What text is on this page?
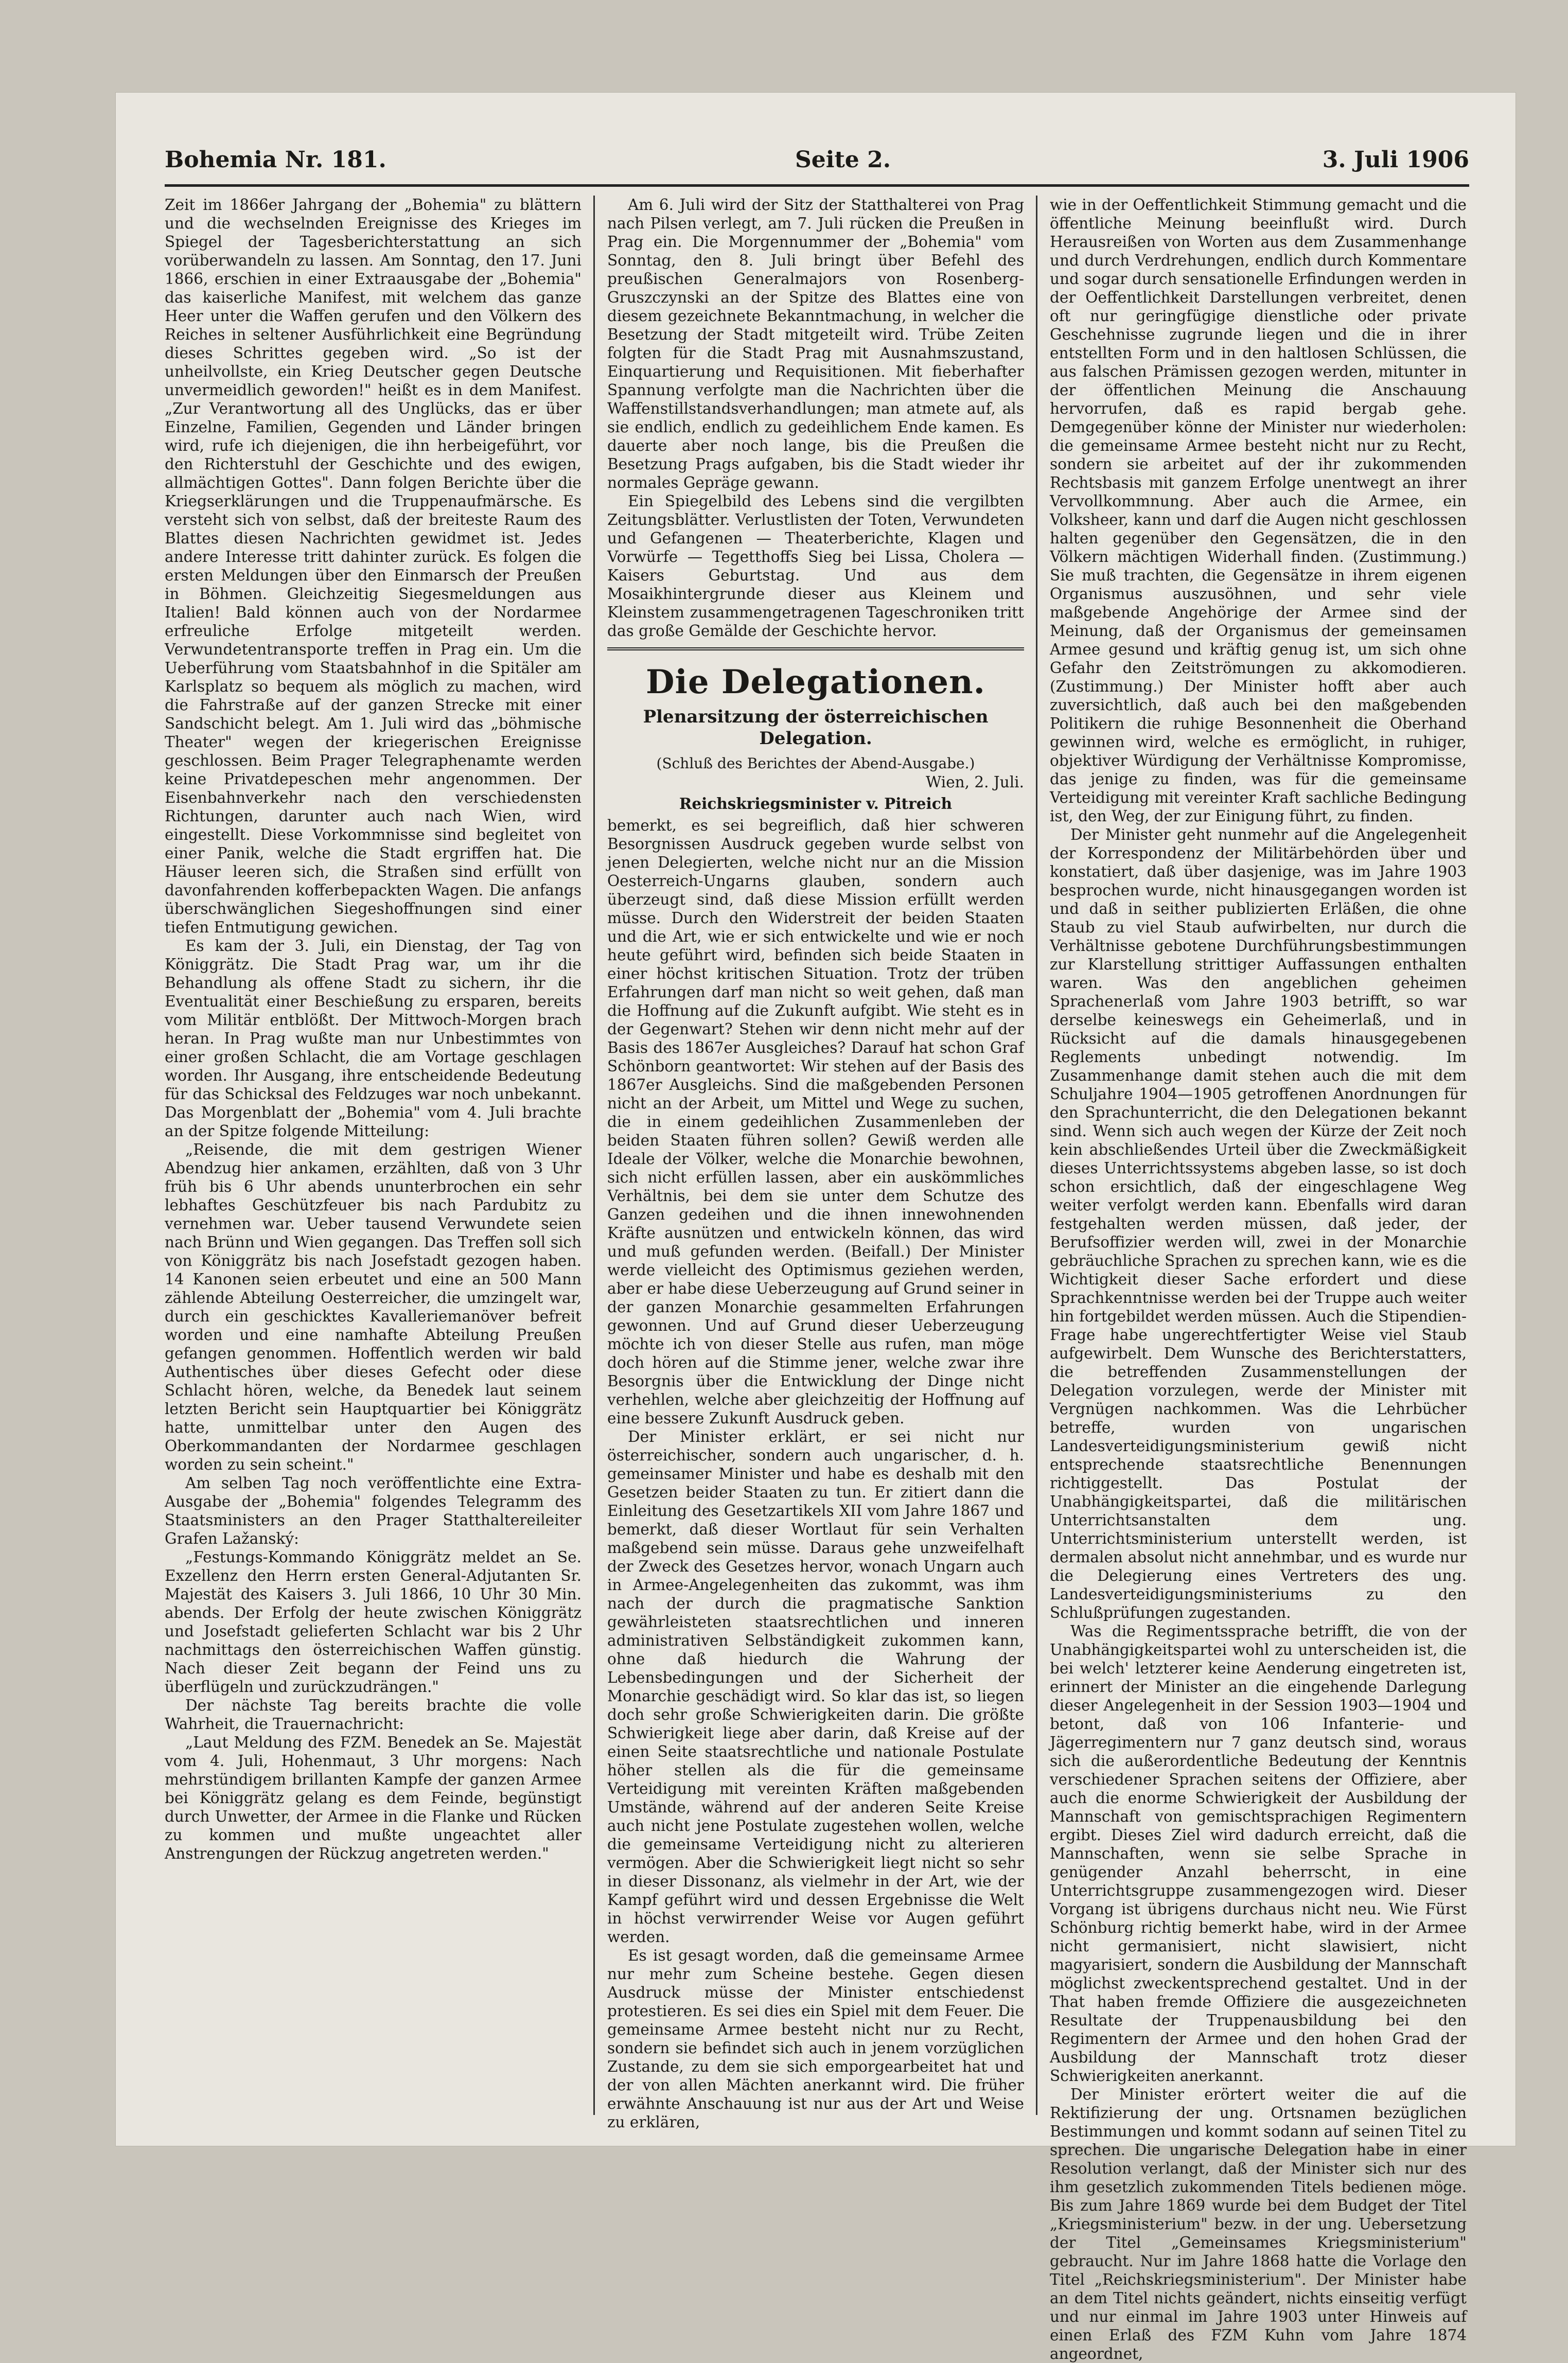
Bohemia Nr. 181.	Seite 2.	3. Juli 1906

Zeit im 1866er Jahrgang der „Bohemia" zu blättern und die wechselnden Ereignisse des Krieges im Spiegel der Tagesberichterstattung an sich vorüberwandeln zu lassen. Am Sonntag, den 17. Juni 1866, erschien in einer Extraausgabe der „Bohemia" das kaiserliche Manifest, mit welchem das ganze Heer unter die Waffen gerufen und den Völkern des Reiches in seltener Ausführlichkeit eine Begründung dieses Schrittes gegeben wird. „So ist der unheilvollste, ein Krieg Deutscher gegen Deutsche unvermeidlich geworden!" heißt es in dem Manifest. „Zur Verantwortung all des Unglücks, das er über Einzelne, Familien, Gegenden und Länder bringen wird, rufe ich diejenigen, die ihn herbeigeführt, vor den Richterstuhl der Geschichte und des ewigen, allmächtigen Gottes". Dann folgen Berichte über die Kriegserklärungen und die Truppenaufmärsche. Es versteht sich von selbst, daß der breiteste Raum des Blattes diesen Nachrichten gewidmet ist. Jedes andere Interesse tritt dahinter zurück. Es folgen die ersten Meldungen über den Einmarsch der Preußen in Böhmen. Gleichzeitig Siegesmeldungen aus Italien! Bald können auch von der Nordarmee erfreuliche Erfolge mitgeteilt werden. Verwundetentransporte treffen in Prag ein. Um die Ueberführung vom Staatsbahnhof in die Spitäler am Karlsplatz so bequem als möglich zu machen, wird die Fahrstraße auf der ganzen Strecke mit einer Sandschicht belegt. Am 1. Juli wird das „böhmische Theater" wegen der kriegerischen Ereignisse geschlossen. Beim Prager Telegraphenamte werden keine Privatdepeschen mehr angenommen. Der Eisenbahnverkehr nach den verschiedensten Richtungen, darunter auch nach Wien, wird eingestellt. Diese Vorkommnisse sind begleitet von einer Panik, welche die Stadt ergriffen hat. Die Häuser leeren sich, die Straßen sind erfüllt von davonfahrenden kofferbepackten Wagen. Die anfangs überschwänglichen Siegeshoffnungen sind einer tiefen Entmutigung gewichen.

Es kam der 3. Juli, ein Dienstag, der Tag von Königgrätz. Die Stadt Prag war, um ihr die Behandlung als offene Stadt zu sichern, ihr die Eventualität einer Beschießung zu ersparen, bereits vom Militär entblößt. Der Mittwoch-Morgen brach heran. In Prag wußte man nur Unbestimmtes von einer großen Schlacht, die am Vortage geschlagen worden. Ihr Ausgang, ihre entscheidende Bedeutung für das Schicksal des Feldzuges war noch unbekannt. Das Morgenblatt der „Bohemia" vom 4. Juli brachte an der Spitze folgende Mitteilung:

„Reisende, die mit dem gestrigen Wiener Abendzug hier ankamen, erzählten, daß von 3 Uhr früh bis 6 Uhr abends ununterbrochen ein sehr lebhaftes Geschützfeuer bis nach Pardubitz zu vernehmen war. Ueber tausend Verwundete seien nach Brünn und Wien gegangen. Das Treffen soll sich von Königgrätz bis nach Josefstadt gezogen haben. 14 Kanonen seien erbeutet und eine an 500 Mann zählende Abteilung Oesterreicher, die umzingelt war, durch ein geschicktes Kavalleriemanöver befreit worden und eine namhafte Abteilung Preußen gefangen genommen. Hoffentlich werden wir bald Authentisches über dieses Gefecht oder diese Schlacht hören, welche, da Benedek laut seinem letzten Bericht sein Hauptquartier bei Königgrätz hatte, unmittelbar unter den Augen des Oberkommandanten der Nordarmee geschlagen worden zu sein scheint."

Am selben Tag noch veröffentlichte eine Extra-Ausgabe der „Bohemia" folgendes Telegramm des Staatsministers an den Prager Statthaltereileiter Grafen Lažanský:

„Festungs-Kommando Königgrätz meldet an Se. Exzellenz den Herrn ersten General-Adjutanten Sr. Majestät des Kaisers 3. Juli 1866, 10 Uhr 30 Min. abends. Der Erfolg der heute zwischen Königgrätz und Josefstadt gelieferten Schlacht war bis 2 Uhr nachmittags den österreichischen Waffen günstig. Nach dieser Zeit begann der Feind uns zu überflügeln und zurückzudrängen."

Der nächste Tag bereits brachte die volle Wahrheit, die Trauernachricht:

„Laut Meldung des FZM. Benedek an Se. Majestät vom 4. Juli, Hohenmaut, 3 Uhr morgens: Nach mehrstündigem brillanten Kampfe der ganzen Armee bei Königgrätz gelang es dem Feinde, begünstigt durch Unwetter, der Armee in die Flanke und Rücken zu kommen und mußte ungeachtet aller Anstrengungen der Rückzug angetreten werden."

Am 6. Juli wird der Sitz der Statthalterei von Prag nach Pilsen verlegt, am 7. Juli rücken die Preußen in Prag ein. Die Morgennummer der „Bohemia" vom Sonntag, den 8. Juli bringt über Befehl des preußischen Generalmajors von Rosenberg-Gruszczynski an der Spitze des Blattes eine von diesem gezeichnete Bekanntmachung, in welcher die Besetzung der Stadt mitgeteilt wird. Trübe Zeiten folgten für die Stadt Prag mit Ausnahmszustand, Einquartierung und Requisitionen. Mit fieberhafter Spannung verfolgte man die Nachrichten über die Waffenstillstandsverhandlungen; man atmete auf, als sie endlich, endlich zu gedeihlichem Ende kamen. Es dauerte aber noch lange, bis die Preußen die Besetzung Prags aufgaben, bis die Stadt wieder ihr normales Gepräge gewann.

Ein Spiegelbild des Lebens sind die vergilbten Zeitungsblätter. Verlustlisten der Toten, Verwundeten und Gefangenen — Theaterberichte, Klagen und Vorwürfe — Tegetthoffs Sieg bei Lissa, Cholera — Kaisers Geburtstag. Und aus dem Mosaikhintergrunde dieser aus Kleinem und Kleinstem zusammengetragenen Tageschroniken tritt das große Gemälde der Geschichte hervor.

Die Delegationen.
Plenarsitzung der österreichischen Delegation.
(Schluß des Berichtes der Abend-Ausgabe.)

Wien, 2. Juli.

Reichskriegsminister v. Pitreich

bemerkt, es sei begreiflich, daß hier schweren Besorgnissen Ausdruck gegeben wurde selbst von jenen Delegierten, welche nicht nur an die Mission Oesterreich-Ungarns glauben, sondern auch überzeugt sind, daß diese Mission erfüllt werden müsse. Durch den Widerstreit der beiden Staaten und die Art, wie er sich entwickelte und wie er noch heute geführt wird, befinden sich beide Staaten in einer höchst kritischen Situation. Trotz der trüben Erfahrungen darf man nicht so weit gehen, daß man die Hoffnung auf die Zukunft aufgibt. Wie steht es in der Gegenwart? Stehen wir denn nicht mehr auf der Basis des 1867er Ausgleiches? Darauf hat schon Graf Schönborn geantwortet: Wir stehen auf der Basis des 1867er Ausgleichs. Sind die maßgebenden Personen nicht an der Arbeit, um Mittel und Wege zu suchen, die in einem gedeihlichen Zusammenleben der beiden Staaten führen sollen? Gewiß werden alle Ideale der Völker, welche die Monarchie bewohnen, sich nicht erfüllen lassen, aber ein auskömmliches Verhältnis, bei dem sie unter dem Schutze des Ganzen gedeihen und die ihnen innewohnenden Kräfte ausnützen und entwickeln können, das wird und muß gefunden werden. (Beifall.) Der Minister werde vielleicht des Optimismus geziehen werden, aber er habe diese Ueberzeugung auf Grund seiner in der ganzen Monarchie gesammelten Erfahrungen gewonnen. Und auf Grund dieser Ueberzeugung möchte ich von dieser Stelle aus rufen, man möge doch hören auf die Stimme jener, welche zwar ihre Besorgnis über die Entwicklung der Dinge nicht verhehlen, welche aber gleichzeitig der Hoffnung auf eine bessere Zukunft Ausdruck geben.

Der Minister erklärt, er sei nicht nur österreichischer, sondern auch ungarischer, d. h. gemeinsamer Minister und habe es deshalb mit den Gesetzen beider Staaten zu tun. Er zitiert dann die Einleitung des Gesetzartikels XII vom Jahre 1867 und bemerkt, daß dieser Wortlaut für sein Verhalten maßgebend sein müsse. Daraus gehe unzweifelhaft der Zweck des Gesetzes hervor, wonach Ungarn auch in Armee-Angelegenheiten das zukommt, was ihm nach der durch die pragmatische Sanktion gewährleisteten staatsrechtlichen und inneren administrativen Selbständigkeit zukommen kann, ohne daß hiedurch die Wahrung der Lebensbedingungen und der Sicherheit der Monarchie geschädigt wird. So klar das ist, so liegen doch sehr große Schwierigkeiten darin. Die größte Schwierigkeit liege aber darin, daß Kreise auf der einen Seite staatsrechtliche und nationale Postulate höher stellen als die für die gemeinsame Verteidigung mit vereinten Kräften maßgebenden Umstände, während auf der anderen Seite Kreise auch nicht jene Postulate zugestehen wollen, welche die gemeinsame Verteidigung nicht zu alterieren vermögen. Aber die Schwierigkeit liegt nicht so sehr in dieser Dissonanz, als vielmehr in der Art, wie der Kampf geführt wird und dessen Ergebnisse die Welt in höchst verwirrender Weise vor Augen geführt werden.

Es ist gesagt worden, daß die gemeinsame Armee nur mehr zum Scheine bestehe. Gegen diesen Ausdruck müsse der Minister entschiedenst protestieren. Es sei dies ein Spiel mit dem Feuer. Die gemeinsame Armee besteht nicht nur zu Recht, sondern sie befindet sich auch in jenem vorzüglichen Zustande, zu dem sie sich emporgearbeitet hat und der von allen Mächten anerkannt wird. Die früher erwähnte Anschauung ist nur aus der Art und Weise zu erklären,

wie in der Oeffentlichkeit Stimmung gemacht und die öffentliche Meinung beeinflußt wird. Durch Herausreißen von Worten aus dem Zusammenhange und durch Verdrehungen, endlich durch Kommentare und sogar durch sensationelle Erfindungen werden in der Oeffentlichkeit Darstellungen verbreitet, denen oft nur geringfügige dienstliche oder private Geschehnisse zugrunde liegen und die in ihrer entstellten Form und in den haltlosen Schlüssen, die aus falschen Prämissen gezogen werden, mitunter in der öffentlichen Meinung die Anschauung hervorrufen, daß es rapid bergab gehe. Demgegenüber könne der Minister nur wiederholen: die gemeinsame Armee besteht nicht nur zu Recht, sondern sie arbeitet auf der ihr zukommenden Rechtsbasis mit ganzem Erfolge unentwegt an ihrer Vervollkommnung. Aber auch die Armee, ein Volksheer, kann und darf die Augen nicht geschlossen halten gegenüber den Gegensätzen, die in den Völkern mächtigen Widerhall finden. (Zustimmung.) Sie muß trachten, die Gegensätze in ihrem eigenen Organismus auszusöhnen, und sehr viele maßgebende Angehörige der Armee sind der Meinung, daß der Organismus der gemeinsamen Armee gesund und kräftig genug ist, um sich ohne Gefahr den Zeitströmungen zu akkomodieren. (Zustimmung.) Der Minister hofft aber auch zuversichtlich, daß auch bei den maßgebenden Politikern die ruhige Besonnenheit die Oberhand gewinnen wird, welche es ermöglicht, in ruhiger, objektiver Würdigung der Verhältnisse Kompromisse, das jenige zu finden, was für die gemeinsame Verteidigung mit vereinter Kraft sachliche Bedingung ist, den Weg, der zur Einigung führt, zu finden.

Der Minister geht nunmehr auf die Angelegenheit der Korrespondenz der Militärbehörden über und konstatiert, daß über dasjenige, was im Jahre 1903 besprochen wurde, nicht hinausgegangen worden ist und daß in seither publizierten Erläßen, die ohne Staub zu viel Staub aufwirbelten, nur durch die Verhältnisse gebotene Durchführungsbestimmungen zur Klarstellung strittiger Auffassungen enthalten waren. Was den angeblichen geheimen Sprachenerlaß vom Jahre 1903 betrifft, so war derselbe keineswegs ein Geheimerlaß, und in Rücksicht auf die damals hinausgegebenen Reglements unbedingt notwendig. Im Zusammenhange damit stehen auch die mit dem Schuljahre 1904—1905 getroffenen Anordnungen für den Sprachunterricht, die den Delegationen bekannt sind. Wenn sich auch wegen der Kürze der Zeit noch kein abschließendes Urteil über die Zweckmäßigkeit dieses Unterrichtssystems abgeben lasse, so ist doch schon ersichtlich, daß der eingeschlagene Weg weiter verfolgt werden kann. Ebenfalls wird daran festgehalten werden müssen, daß jeder, der Berufsoffizier werden will, zwei in der Monarchie gebräuchliche Sprachen zu sprechen kann, wie es die Wichtigkeit dieser Sache erfordert und diese Sprachkenntnisse werden bei der Truppe auch weiter hin fortgebildet werden müssen. Auch die Stipendien-Frage habe ungerechtfertigter Weise viel Staub aufgewirbelt. Dem Wunsche des Berichterstatters, die betreffenden Zusammenstellungen der Delegation vorzulegen, werde der Minister mit Vergnügen nachkommen. Was die Lehrbücher betreffe, wurden von ungarischen Landesverteidigungsministerium gewiß nicht entsprechende staatsrechtliche Benennungen richtiggestellt. Das Postulat der Unabhängigkeitspartei, daß die militärischen Unterrichtsanstalten dem ung. Unterrichtsministerium unterstellt werden, ist dermalen absolut nicht annehmbar, und es wurde nur die Delegierung eines Vertreters des ung. Landesverteidigungsministeriums zu den Schlußprüfungen zugestanden.

Was die Regimentssprache betrifft, die von der Unabhängigkeitspartei wohl zu unterscheiden ist, die bei welch' letzterer keine Aenderung eingetreten ist, erinnert der Minister an die eingehende Darlegung dieser Angelegenheit in der Session 1903—1904 und betont, daß von 106 Infanterie- und Jägerregimentern nur 7 ganz deutsch sind, woraus sich die außerordentliche Bedeutung der Kenntnis verschiedener Sprachen seitens der Offiziere, aber auch die enorme Schwierigkeit der Ausbildung der Mannschaft von gemischtsprachigen Regimentern ergibt. Dieses Ziel wird dadurch erreicht, daß die Mannschaften, wenn sie selbe Sprache in genügender Anzahl beherrscht, in eine Unterrichtsgruppe zusammengezogen wird. Dieser Vorgang ist übrigens durchaus nicht neu. Wie Fürst Schönburg richtig bemerkt habe, wird in der Armee nicht germanisiert, nicht slawisiert, nicht magyarisiert, sondern die Ausbildung der Mannschaft möglichst zweckentsprechend gestaltet. Und in der That haben fremde Offiziere die ausgezeichneten Resultate der Truppenausbildung bei den Regimentern der Armee und den hohen Grad der Ausbildung der Mannschaft trotz dieser Schwierigkeiten anerkannt.

Der Minister erörtert weiter die auf die Rektifizierung der ung. Ortsnamen bezüglichen Bestimmungen und kommt sodann auf seinen Titel zu sprechen. Die ungarische Delegation habe in einer Resolution verlangt, daß der Minister sich nur des ihm gesetzlich zukommenden Titels bedienen möge. Bis zum Jahre 1869 wurde bei dem Budget der Titel „Kriegsministerium" bezw. in der ung. Uebersetzung der Titel „Gemeinsames Kriegsministerium" gebraucht. Nur im Jahre 1868 hatte die Vorlage den Titel „Reichskriegsministerium". Der Minister habe an dem Titel nichts geändert, nichts einseitig verfügt und nur einmal im Jahre 1903 unter Hinweis auf einen Erlaß des FZM Kuhn vom Jahre 1874 angeordnet,
